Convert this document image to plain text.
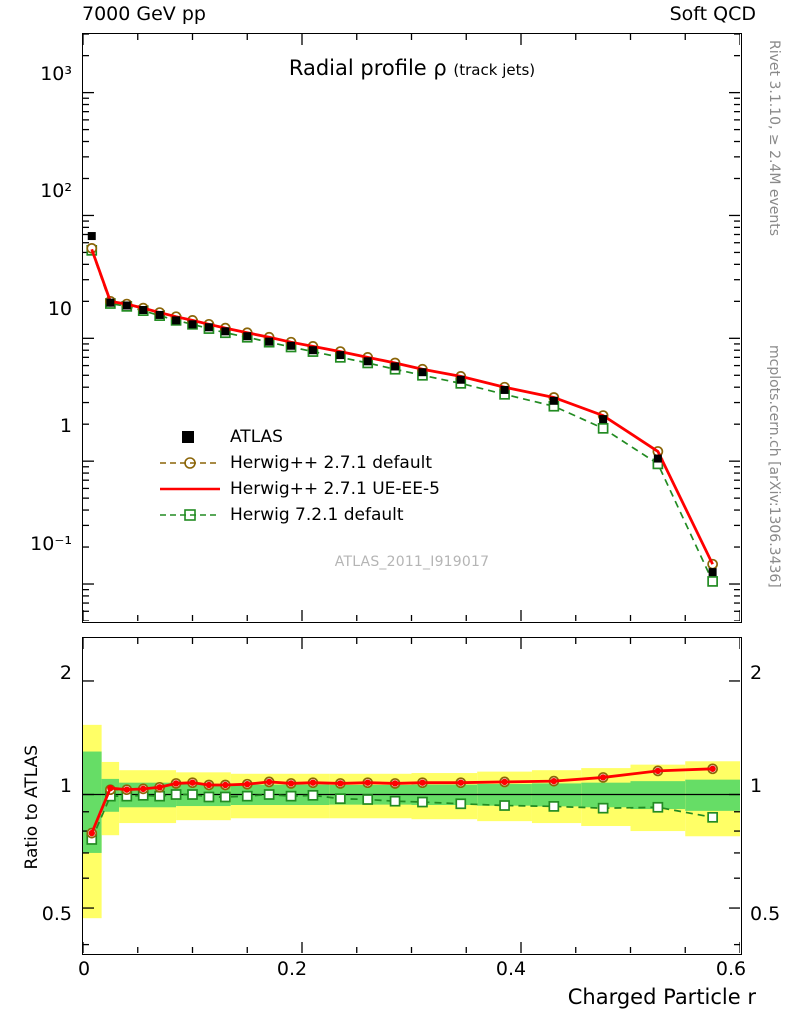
7000 GeV pp	Soft QCD
Radial profile ρ (track jets)
ATLAS
Herwig++ 2.7.1 default
Herwig++ 2.7.1 UE-EE-5
Herwig 7.2.1 default
ATLAS_2011_I919017
10³
10²
10
1
10⁻¹
2
1
0.5
2
1
0.5
0	0.2	0.4	0.6
Ratio to ATLAS
Charged Particle r
Rivet 3.1.10, ≥ 2.4M events
mcplots.cern.ch [arXiv:1306.3436]
